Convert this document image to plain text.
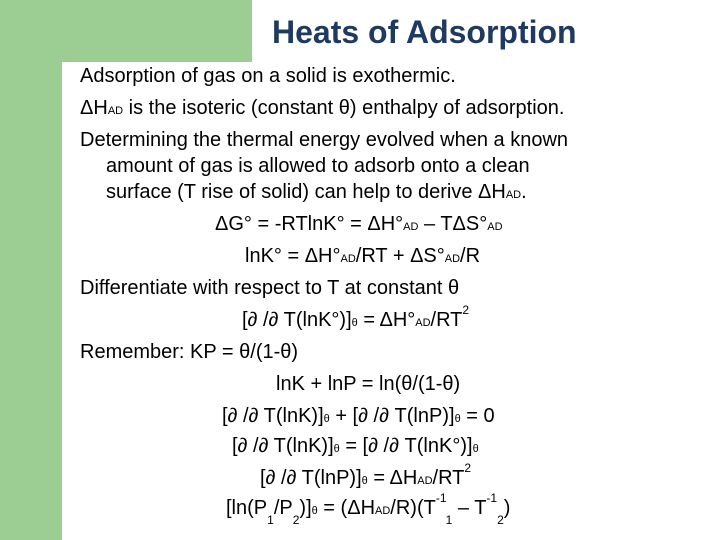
Heats of Adsorption
Adsorption of gas on a solid is exothermic.
ΔHAD is the isoteric (constant θ) enthalpy of adsorption.
Determining the thermal energy evolved when a known
amount of gas is allowed to adsorb onto a clean
surface (T rise of solid) can help to derive ΔHAD.
ΔG° = -RTlnK° = ΔH°AD – TΔS°AD
lnK° = ΔH°AD/RT + ΔS°AD/R
Differentiate with respect to T at constant θ
[∂ /∂ $T(\ln K^\circ)]\theta = \Delta H^\circ AD/RT^2$
Remember: KP = θ/(1-θ)
lnK + lnP = ln(θ/(1-θ)
[∂ /∂ T(lnK)]θ + [∂ /∂ T(lnP)]θ = 0
[∂ /∂ T(lnK)]θ = [∂ /∂ T(lnK°)]θ
[∂ /∂ T(lnP)]θ = ΔHAD/$RT^2$
$[\ln(P_1/P_2)]\theta = (\Delta HAD/R)(T^{-1}_1 - T^{-1}_2)$
